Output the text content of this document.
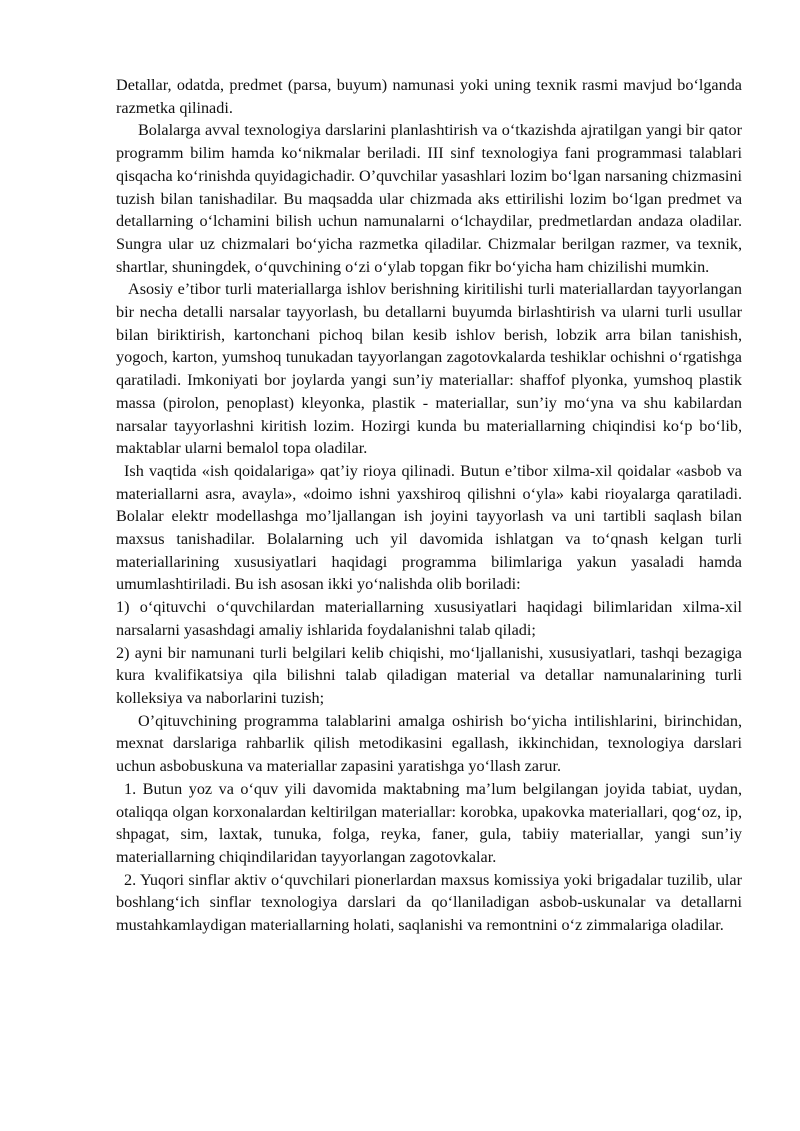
Detallar, odatda, predmet (parsa, buyum) namunasi yoki uning texnik rasmi mavjud bo‘lganda razmetka qilinadi.

Bolalarga avval texnologiya darslarini planlashtirish va o‘tkazishda ajratilgan yangi bir qator programm bilim hamda ko‘nikmalar beriladi. III sinf texnologiya fani programmasi talablari qisqacha ko‘rinishda quyidagichadir. O’quvchilar yasashlari lozim bo‘lgan narsaning chizmasini tuzish bilan tanishadilar. Bu maqsadda ular chizmada aks ettirilishi lozim bo‘lgan predmet va detallarning o‘lchamini bilish uchun namunalarni o‘lchaydilar, predmetlardan andaza oladilar. Sungra ular uz chizmalari bo‘yicha razmetka qiladilar. Chizmalar berilgan razmer, va texnik, shartlar, shuningdek, o‘quvchining o‘zi o‘ylab topgan fikr bo‘yicha ham chizilishi mumkin.

Asosiy e’tibor turli materiallarga ishlov berishning kiritilishi turli materiallardan tayyorlangan bir necha detalli narsalar tayyorlash, bu detallarni buyumda birlashtirish va ularni turli usullar bilan biriktirish, kartonchani pichoq bilan kesib ishlov berish, lobzik arra bilan tanishish, yogoch, karton, yumshoq tunukadan tayyorlangan zagotovkalarda teshiklar ochishni o‘rgatishga qaratiladi. Imkoniyati bor joylarda yangi sun’iy materiallar: shaffof plyonka, yumshoq plastik massa (pirolon, penoplast) kleyonka, plastik - materiallar, sun’iy mo‘yna va shu kabilardan narsalar tayyorlashni kiritish lozim. Hozirgi kunda bu materiallarning chiqindisi ko‘p bo‘lib, maktablar ularni bemalol topa oladilar.

Ish vaqtida «ish qoidalariga» qat’iy rioya qilinadi. Butun e’tibor xilma-xil qoidalar «asbob va materiallarni asra, avayla», «doimo ishni yaxshiroq qilishni o‘yla» kabi rioyalarga qaratiladi. Bolalar elektr modellashga mo’ljallangan ish joyini tayyorlash va uni tartibli saqlash bilan maxsus tanishadilar. Bolalarning uch yil davomida ishlatgan va to‘qnash kelgan turli materiallarining xususiyatlari haqidagi programma bilimlariga yakun yasaladi hamda umumlashtiriladi. Bu ish asosan ikki yo‘nalishda olib boriladi:

1) o‘qituvchi o‘quvchilardan materiallarning xususiyatlari haqidagi bilimlaridan xilma-xil narsalarni yasashdagi amaliy ishlarida foydalanishni talab qiladi;

2) ayni bir namunani turli belgilari kelib chiqishi, mo‘ljallanishi, xususiyatlari, tashqi bezagiga kura kvalifikatsiya qila bilishni talab qiladigan material va detallar namunalarining turli kolleksiya va naborlarini tuzish;

O’qituvchining programma talablarini amalga oshirish bo‘yicha intilishlarini, birinchidan, mexnat darslariga rahbarlik qilish metodikasini egallash, ikkinchidan, texnologiya darslari uchun asbobuskuna va materiallar zapasini yaratishga yo‘llash zarur.

1. Butun yoz va o‘quv yili davomida maktabning ma’lum belgilangan joyida tabiat, uydan, otaliqqa olgan korxonalardan keltirilgan materiallar: korobka, upakovka materiallari, qog‘oz, ip, shpagat, sim, laxtak, tunuka, folga, reyka, faner, gula, tabiiy materiallar, yangi sun’iy materiallarning chiqindilaridan tayyorlangan zagotovkalar.

2. Yuqori sinflar aktiv o‘quvchilari pionerlardan maxsus komissiya yoki brigadalar tuzilib, ular boshlang‘ich sinflar texnologiya darslari da qo‘llaniladigan asbob-uskunalar va detallarni mustahkamlaydigan materiallarning holati, saqlanishi va remontnini o‘z zimmalariga oladilar.
